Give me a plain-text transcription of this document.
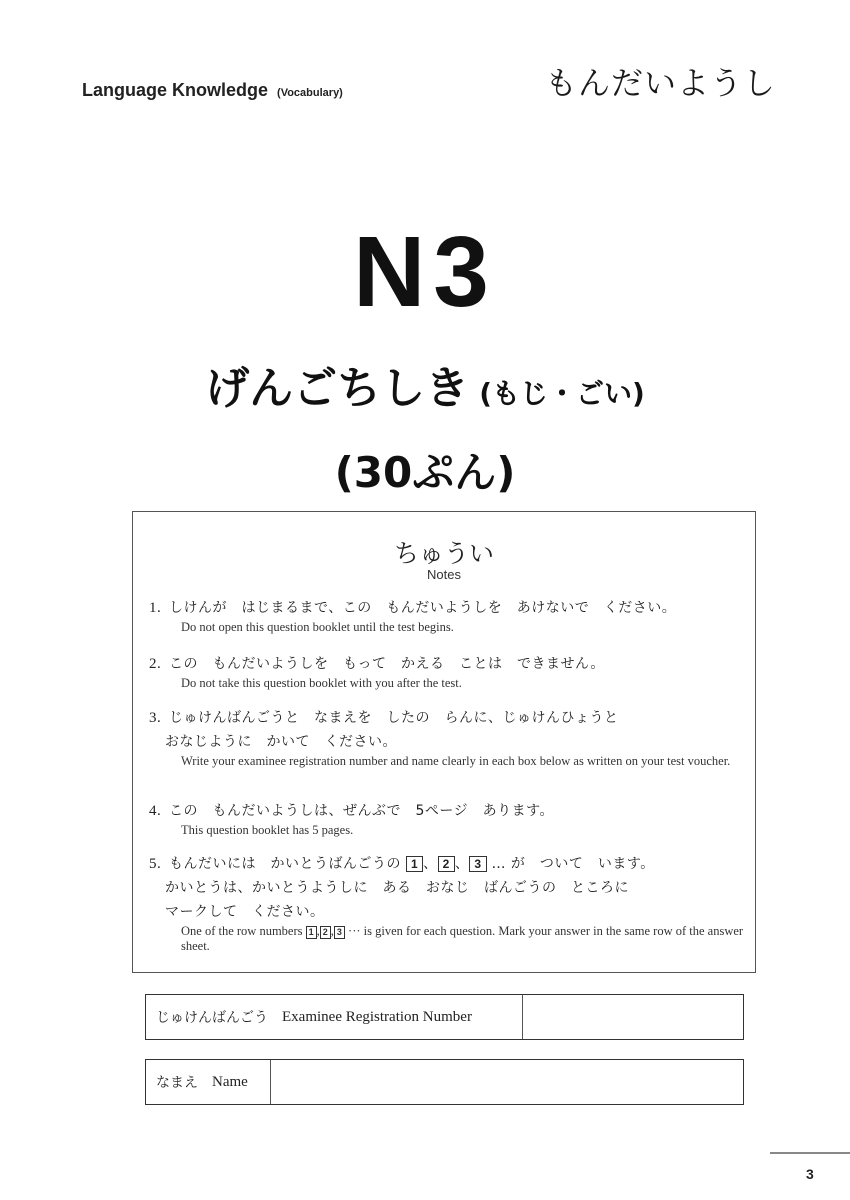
Language Knowledge (Vocabulary)	もんだいようし
N3
げんごちしき (もじ・ごい)
(30ぷん)
ちゅうい
Notes
1. しけんが　はじまるまで、この　もんだいようしを　あけないで　ください。
Do not open this question booklet until the test begins.
2. この　もんだいようしを　もって　かえる　ことは　できません。
Do not take this question booklet with you after the test.
3. じゅけんばんごうと　なまえを　したの　らんに、じゅけんひょうと
おなじように　かいて　ください。
Write your examinee registration number and name clearly in each box below as written on your test voucher.
4. この　もんだいようしは、ぜんぶで　5ページ　あります。
This question booklet has 5 pages.
5. もんだいには　かいとうばんごうの 1 、 2 、 3 … が　ついて　います。
かいとうは、かいとうようしに　ある　おなじ　ばんごうの　ところに
マークして　ください。
One of the row numbers 1 , 2 , 3 ··· is given for each question. Mark your answer in the same row of the answer sheet.
じゅけんばんごう Examinee Registration Number
なまえ Name
3
